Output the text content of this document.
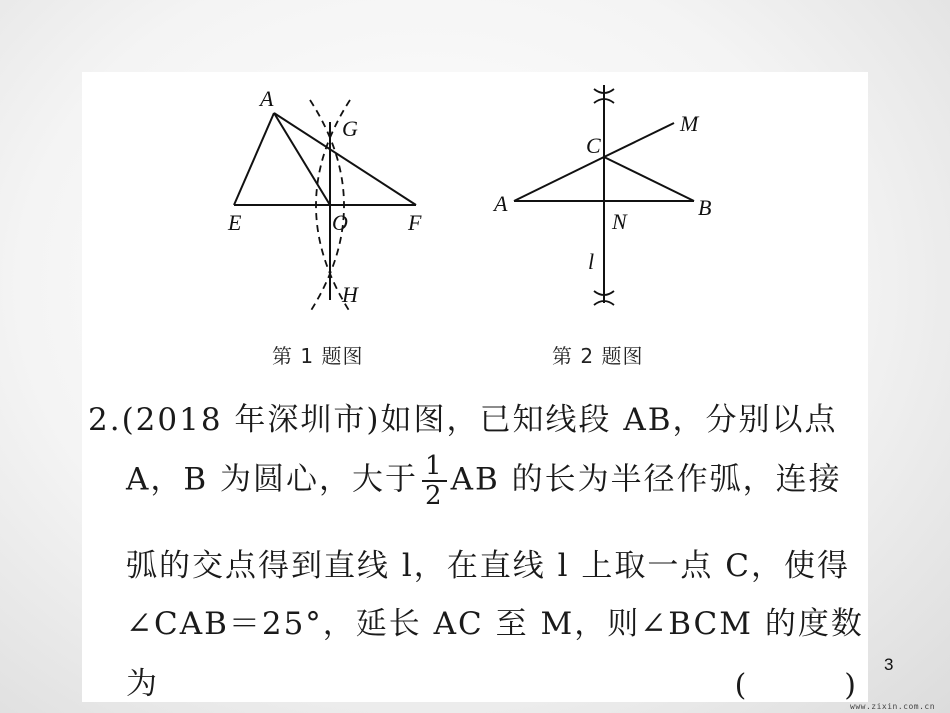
A
G
E	O	F
H
M
C
A	B
N
l
第 1 题图	第 2 题图
2.(2018 年深圳市)如图，已知线段 AB，分别以点
A，B 为圆心，大于 $\frac{1}{2}$ AB 的长为半径作弧，连接
弧的交点得到直线 l，在直线 l 上取一点 C，使得
∠CAB＝25°，延长 AC 至 M，则∠BCM 的度数
为	(　　　)
3
www.zixin.com.cn
